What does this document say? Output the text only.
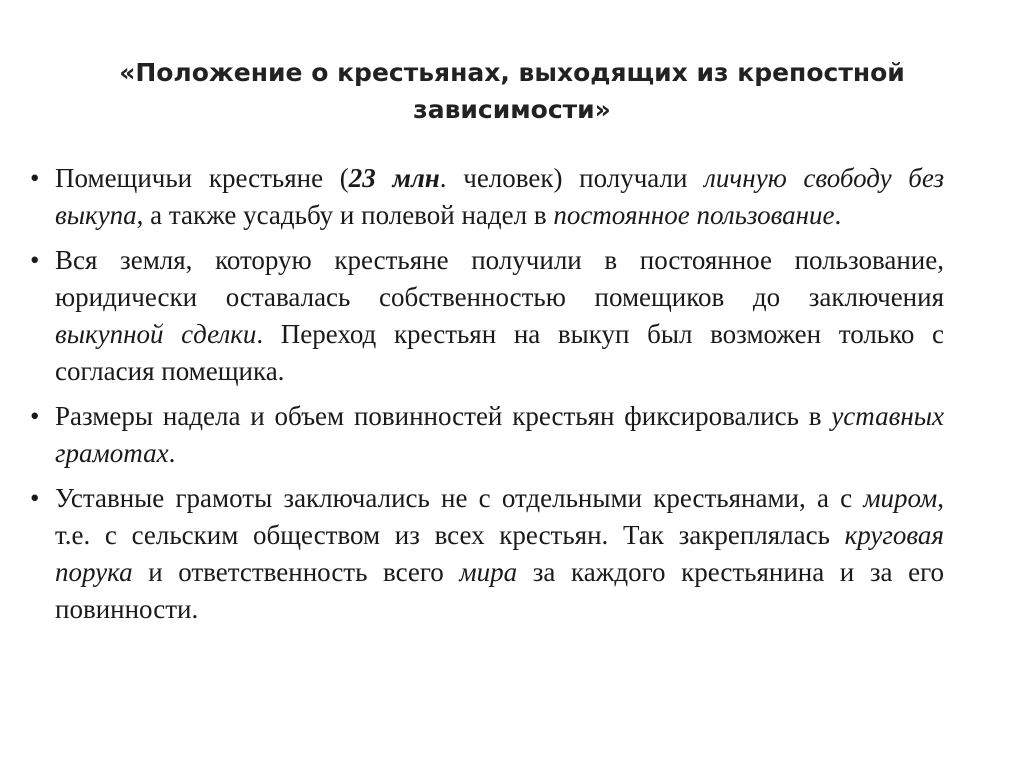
«Положение о крестьянах, выходящих из крепостной зависимости»
• Помещичьи крестьяне (23 млн. человек) получали личную свободу без выкупа, а также усадьбу и полевой надел в постоянное пользование.
• Вся земля, которую крестьяне получили в постоянное пользование, юридически оставалась собственностью помещиков до заключения выкупной сделки. Переход крестьян на выкуп был возможен только с согласия помещика.
• Размеры надела и объем повинностей крестьян фиксировались в уставных грамотах.
• Уставные грамоты заключались не с отдельными крестьянами, а с миром, т.е. с сельским обществом из всех крестьян. Так закреплялась круговая порука и ответственность всего мира за каждого крестьянина и за его повинности.
